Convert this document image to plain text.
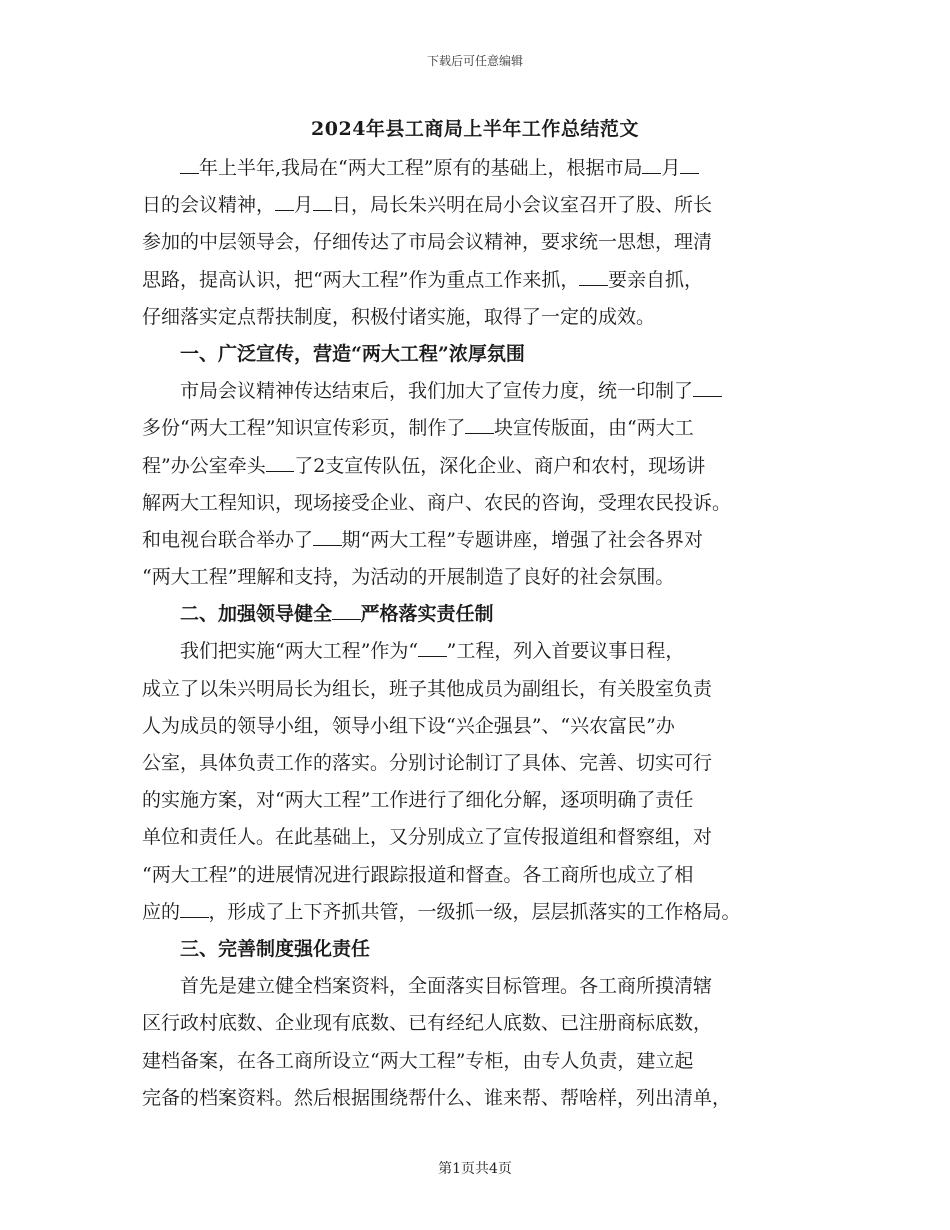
下载后可任意编辑
2024年县工商局上半年工作总结范文
年上半年,我局在“两大工程”原有的基础上，根据市局 月
日的会议精神， 月 日，局长朱兴明在局小会议室召开了股、所长
参加的中层领导会，仔细传达了市局会议精神，要求统一思想，理清
思路，提高认识，把“两大工程”作为重点工作来抓， 要亲自抓，
仔细落实定点帮扶制度，积极付诸实施，取得了一定的成效。
一、广泛宣传，营造“两大工程”浓厚氛围
市局会议精神传达结束后，我们加大了宣传力度，统一印制了
多份“两大工程”知识宣传彩页，制作了 块宣传版面，由“两大工
程”办公室牵头 了2支宣传队伍，深化企业、商户和农村，现场讲
解两大工程知识，现场接受企业、商户、农民的咨询，受理农民投诉。
和电视台联合举办了 期“两大工程”专题讲座，增强了社会各界对
“两大工程”理解和支持，为活动的开展制造了良好的社会氛围。
二、加强领导健全 严格落实责任制
我们把实施“两大工程”作为“ ”工程，列入首要议事日程，
成立了以朱兴明局长为组长，班子其他成员为副组长，有关股室负责
人为成员的领导小组，领导小组下设“兴企强县”、“兴农富民”办
公室，具体负责工作的落实。分别讨论制订了具体、完善、切实可行
的实施方案，对“两大工程”工作进行了细化分解，逐项明确了责任
单位和责任人。在此基础上，又分别成立了宣传报道组和督察组，对
“两大工程”的进展情况进行跟踪报道和督查。各工商所也成立了相
应的 ，形成了上下齐抓共管，一级抓一级，层层抓落实的工作格局。
三、完善制度强化责任
首先是建立健全档案资料，全面落实目标管理。各工商所摸清辖
区行政村底数、企业现有底数、已有经纪人底数、已注册商标底数，
建档备案，在各工商所设立“两大工程”专柜，由专人负责，建立起
完备的档案资料。然后根据围绕帮什么、谁来帮、帮啥样，列出清单，
第1页共4页
